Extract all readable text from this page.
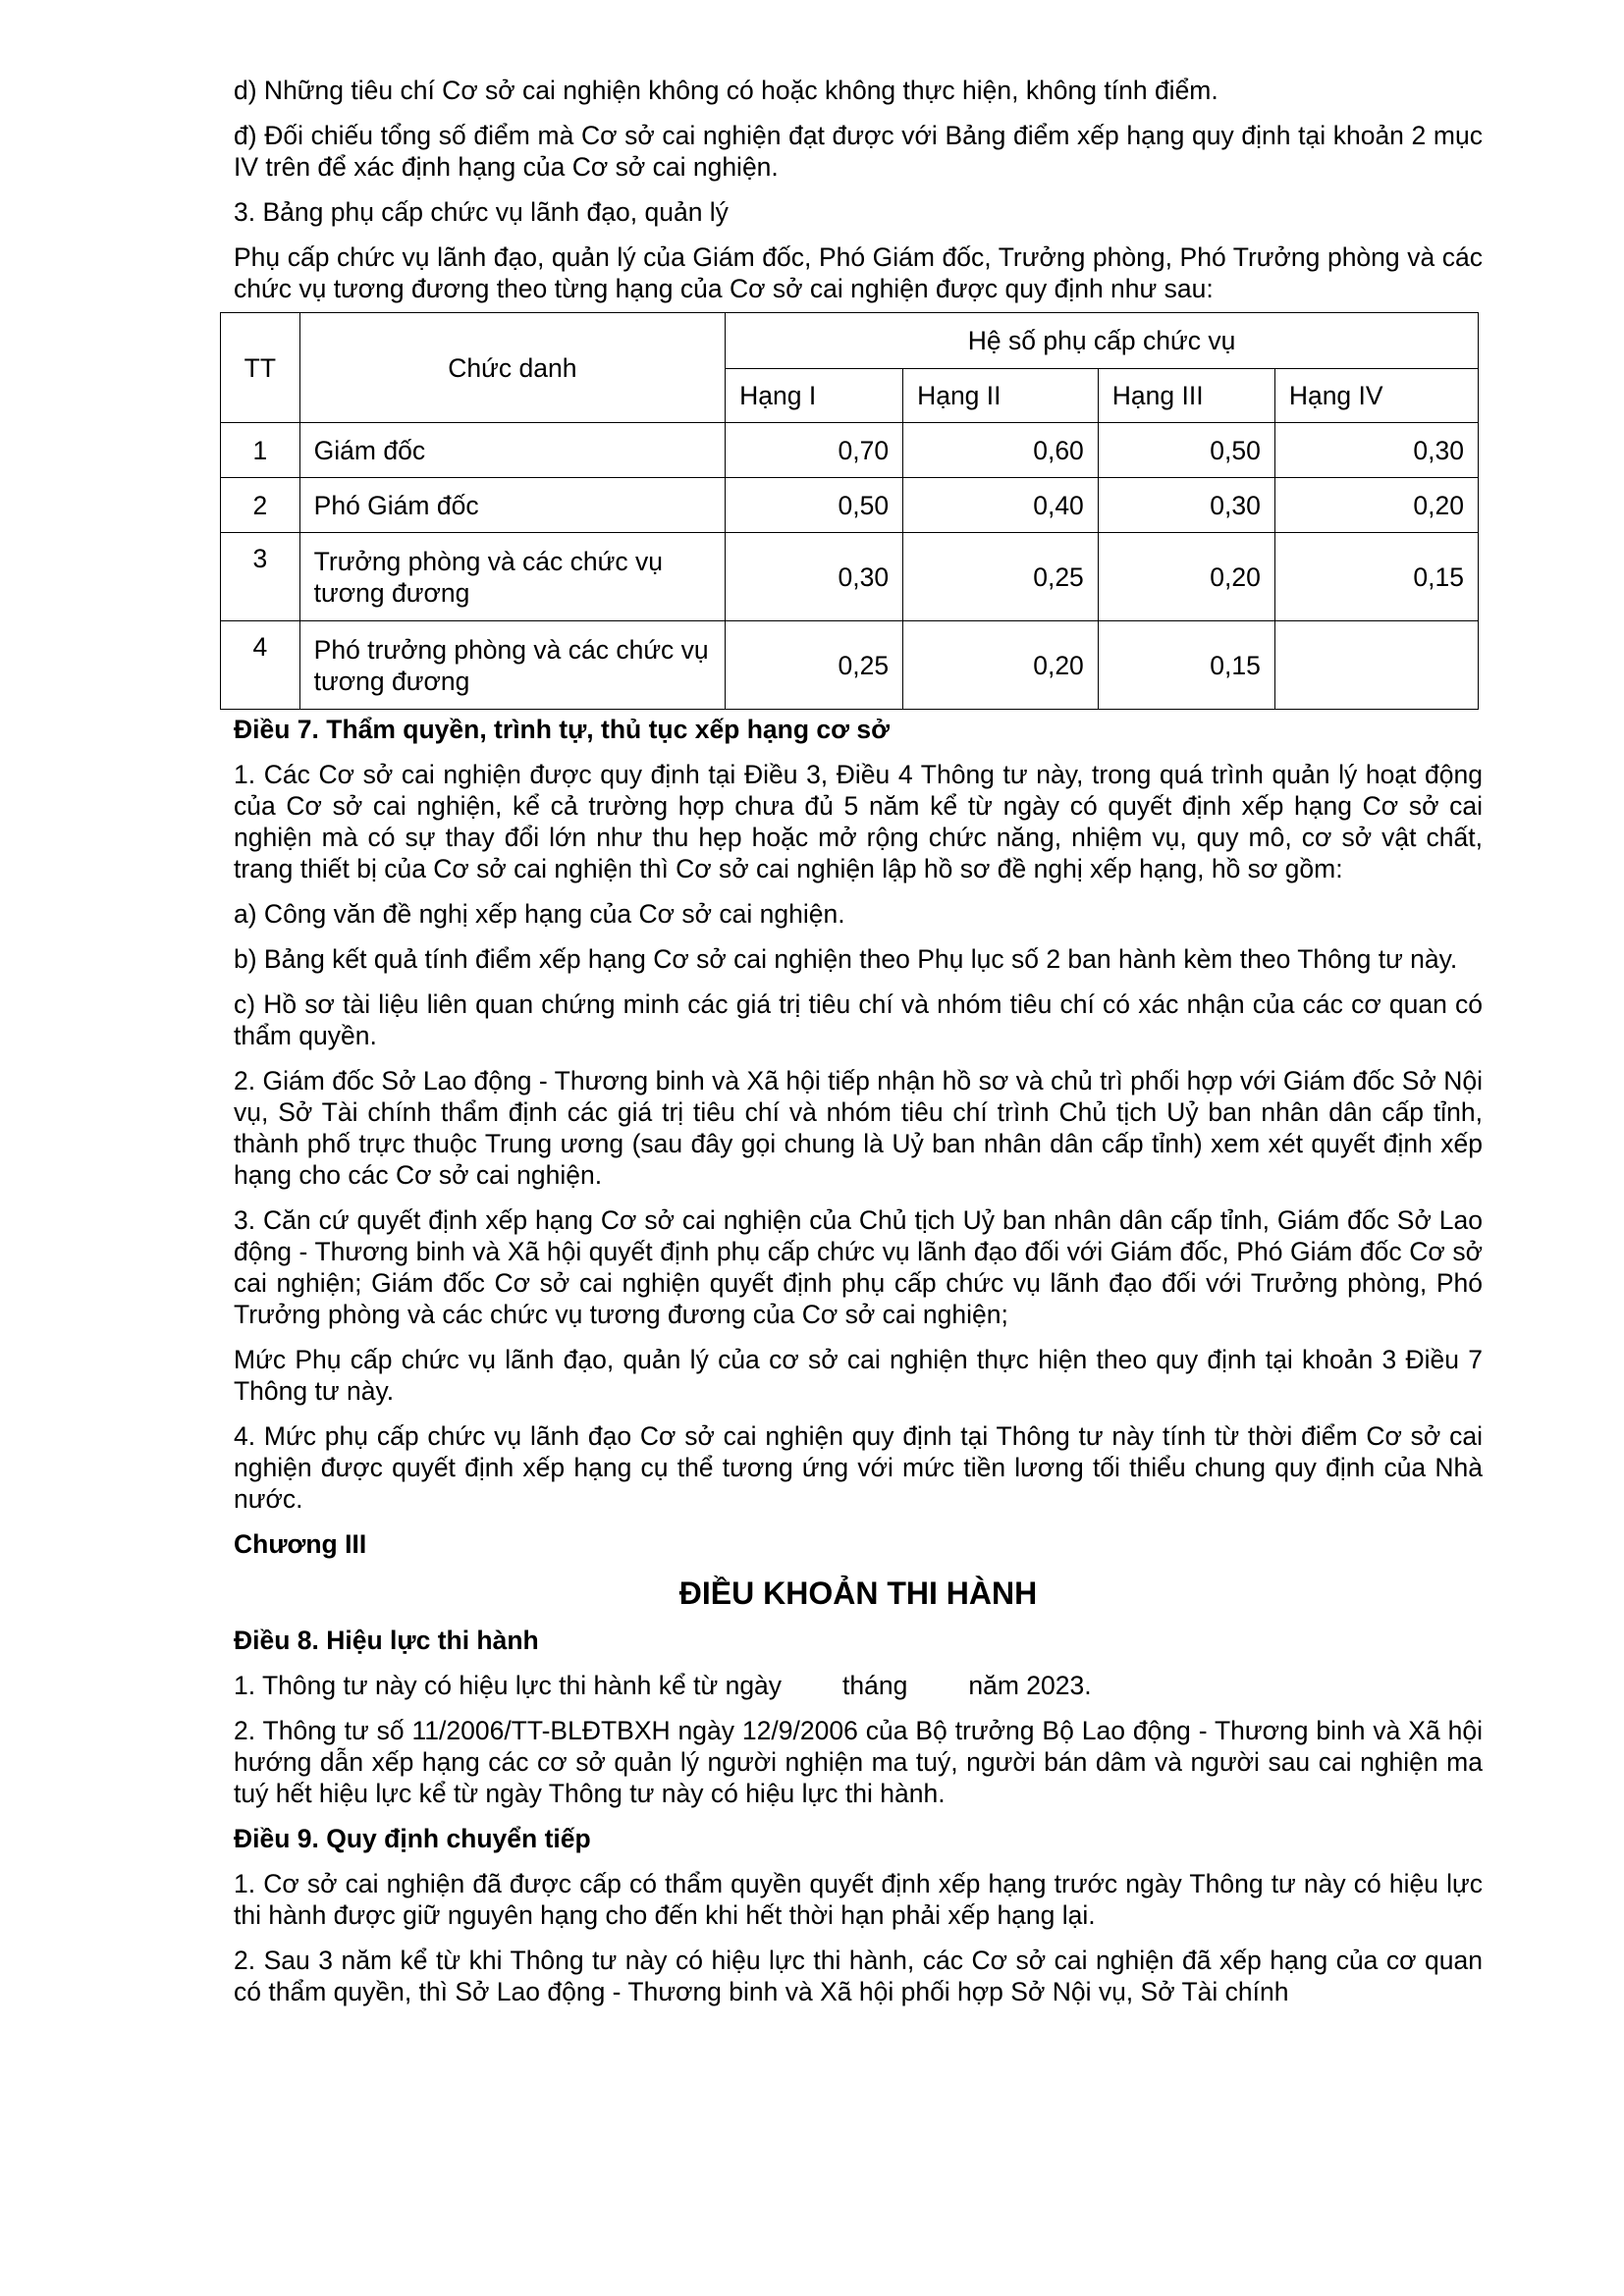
d) Những tiêu chí Cơ sở cai nghiện không có hoặc không thực hiện, không tính điểm.

đ) Đối chiếu tổng số điểm mà Cơ sở cai nghiện đạt được với Bảng điểm xếp hạng quy định tại khoản 2 mục IV trên để xác định hạng của Cơ sở cai nghiện.

3. Bảng phụ cấp chức vụ lãnh đạo, quản lý

Phụ cấp chức vụ lãnh đạo, quản lý của Giám đốc, Phó Giám đốc, Trưởng phòng, Phó Trưởng phòng và các chức vụ tương đương theo từng hạng của Cơ sở cai nghiện được quy định như sau:

TT	Chức danh	Hệ số phụ cấp chức vụ			
		Hạng I	Hạng II	Hạng III	Hạng IV
1	Giám đốc	0,70	0,60	0,50	0,30
2	Phó Giám đốc	0,50	0,40	0,30	0,20
3	Trưởng phòng và các chức vụ tương đương	0,30	0,25	0,20	0,15
4	Phó trưởng phòng và các chức vụ tương đương	0,25	0,20	0,15	

Điều 7. Thẩm quyền, trình tự, thủ tục xếp hạng cơ sở

1. Các Cơ sở cai nghiện được quy định tại Điều 3, Điều 4 Thông tư này, trong quá trình quản lý hoạt động của Cơ sở cai nghiện, kể cả trường hợp chưa đủ 5 năm kể từ ngày có quyết định xếp hạng Cơ sở cai nghiện mà có sự thay đổi lớn như thu hẹp hoặc mở rộng chức năng, nhiệm vụ, quy mô, cơ sở vật chất, trang thiết bị của Cơ sở cai nghiện thì Cơ sở cai nghiện lập hồ sơ đề nghị xếp hạng, hồ sơ gồm:

a) Công văn đề nghị xếp hạng của Cơ sở cai nghiện.

b) Bảng kết quả tính điểm xếp hạng Cơ sở cai nghiện theo Phụ lục số 2 ban hành kèm theo Thông tư này.

c) Hồ sơ tài liệu liên quan chứng minh các giá trị tiêu chí và nhóm tiêu chí có xác nhận của các cơ quan có thẩm quyền.

2. Giám đốc Sở Lao động - Thương binh và Xã hội tiếp nhận hồ sơ và chủ trì phối hợp với Giám đốc Sở Nội vụ, Sở Tài chính thẩm định các giá trị tiêu chí và nhóm tiêu chí trình Chủ tịch Uỷ ban nhân dân cấp tỉnh, thành phố trực thuộc Trung ương (sau đây gọi chung là Uỷ ban nhân dân cấp tỉnh) xem xét quyết định xếp hạng cho các Cơ sở cai nghiện.

3. Căn cứ quyết định xếp hạng Cơ sở cai nghiện của Chủ tịch Uỷ ban nhân dân cấp tỉnh, Giám đốc Sở Lao động - Thương binh và Xã hội quyết định phụ cấp chức vụ lãnh đạo đối với Giám đốc, Phó Giám đốc Cơ sở cai nghiện; Giám đốc Cơ sở cai nghiện quyết định phụ cấp chức vụ lãnh đạo đối với Trưởng phòng, Phó Trưởng phòng và các chức vụ tương đương của Cơ sở cai nghiện;

Mức Phụ cấp chức vụ lãnh đạo, quản lý của cơ sở cai nghiện thực hiện theo quy định tại khoản 3 Điều 7 Thông tư này.

4. Mức phụ cấp chức vụ lãnh đạo Cơ sở cai nghiện quy định tại Thông tư này tính từ thời điểm Cơ sở cai nghiện được quyết định xếp hạng cụ thể tương ứng với mức tiền lương tối thiểu chung quy định của Nhà nước.

Chương III

ĐIỀU KHOẢN THI HÀNH

Điều 8. Hiệu lực thi hành

1. Thông tư này có hiệu lực thi hành kể từ ngày tháng năm 2023.

2. Thông tư số 11/2006/TT-BLĐTBXH ngày 12/9/2006 của Bộ trưởng Bộ Lao động - Thương binh và Xã hội hướng dẫn xếp hạng các cơ sở quản lý người nghiện ma tuý, người bán dâm và người sau cai nghiện ma tuý hết hiệu lực kể từ ngày Thông tư này có hiệu lực thi hành.

Điều 9. Quy định chuyển tiếp

1. Cơ sở cai nghiện đã được cấp có thẩm quyền quyết định xếp hạng trước ngày Thông tư này có hiệu lực thi hành được giữ nguyên hạng cho đến khi hết thời hạn phải xếp hạng lại.

2. Sau 3 năm kể từ khi Thông tư này có hiệu lực thi hành, các Cơ sở cai nghiện đã xếp hạng của cơ quan có thẩm quyền, thì Sở Lao động - Thương binh và Xã hội phối hợp Sở Nội vụ, Sở Tài chính
